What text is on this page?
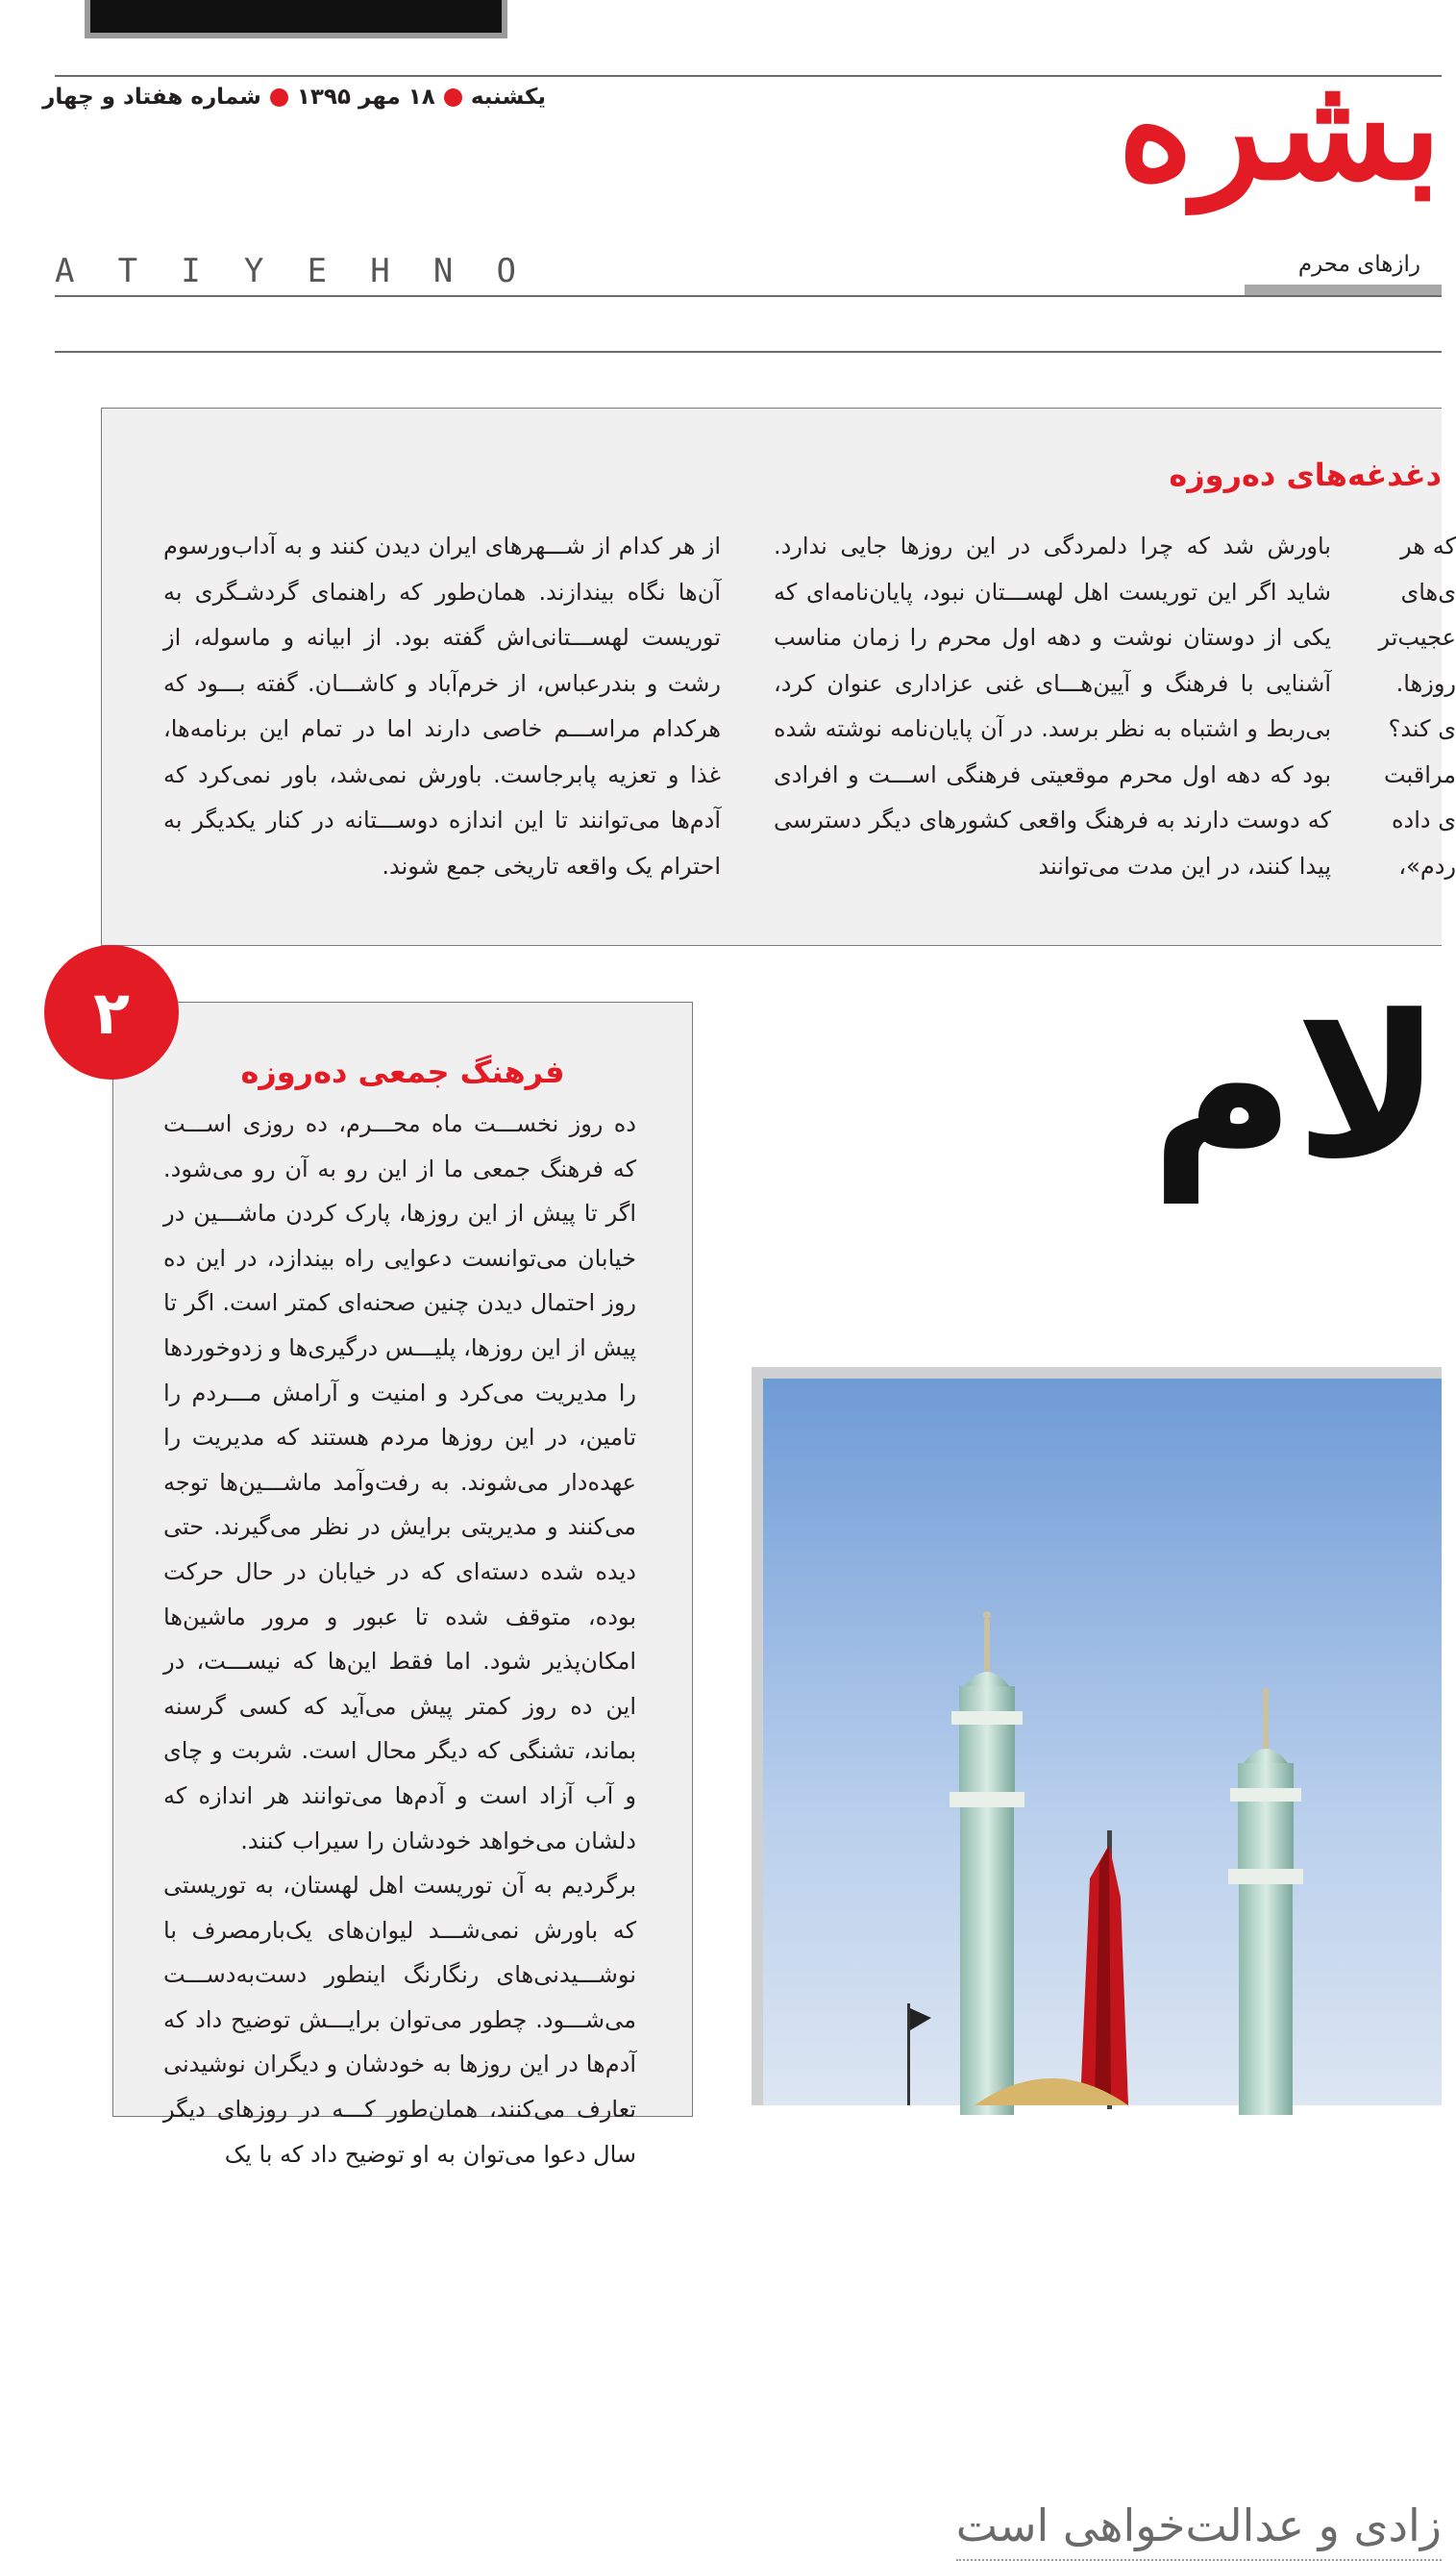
یکشنبه۱۸ مهر ۱۳۹۵شماره هفتاد و چهار	بشره
رازهای محرم
A T I Y E H N O
دغدغه‌های ده‌روزه
از هر کدام از شـــهرهای ایران دیدن کنند و به آداب‌ورسوم آن‌ها نگاه بیندازند. همان‌طور که راهنمای گردشـگری به توریست لهســـتانی‌اش گفته بود. از ابیانه و ماسوله، از رشت و بندرعباس، از خرم‌آباد و کاشـــان. گفته بـــود که هرکدام مراســـم خاصی دارند اما در تمام این برنامه‌ها، غذا و تعزیه پابرجاست. باورش نمی‌شد، باور نمی‌کرد که آدم‌ها می‌توانند تا این اندازه دوســـتانه در کنار یکدیگر به احترام یک واقعه تاریخی جمع شوند.
باورش شد که چرا دلمردگی در این روزها جایی ندارد. شاید اگر این توریست اهل لهســـتان نبود، پایان‌نامه‌ای که یکی از دوستان نوشت و دهه اول محرم را زمان مناسب آشنایی با فرهنگ و آیین‌هـــای غنی عزاداری عنوان کرد، بی‌ربط و اشتباه به نظر برسد. در آن پایان‌نامه نوشته شده بود که دهه اول محرم موقعیتی فرهنگی اســـت و افرادی که دوست دارند به فرهنگ واقعی کشورهای دیگر دسترسی پیدا کنند، در این مدت می‌توانند
که هر
ی‌های
عجیب‌تر
روزها.
ی کند؟
مراقبت
ی داده
ردم»،
۲
فرهنگ جمعی ده‌روزه
ده روز نخســـت ماه محـــرم، ده روزی اســـت که فرهنگ جمعی ما از این رو به آن رو می‌شود. اگر تا پیش از این روزها، پارک کردن ماشـــین در خیابان می‌توانست دعوایی راه بیندازد، در این ده روز احتمال دیدن چنین صحنه‌ای کمتر است. اگر تا پیش از این روزها، پلیـــس درگیری‌ها و زدوخوردها را مدیریت می‌کرد و امنیت و آرامش مـــردم را تامین، در این روزها مردم هستند که مدیریت را عهده‌دار می‌شوند. به رفت‌وآمد ماشـــین‌ها توجه می‌کنند و مدیریتی برایش در نظر می‌گیرند. حتی دیده شده دسته‌ای که در خیابان در حال حرکت بوده، متوقف شده تا عبور و مرور ماشین‌ها امکان‌پذیر شود. اما فقط این‌ها که نیســـت، در این ده روز کمتر پیش می‌آید که کسی گرسنه بماند، تشنگی که دیگر محال است. شربت و چای و آب آزاد است و آدم‌ها می‌توانند هر اندازه که دلشان می‌خواهد خودشان را سیراب کنند.
برگردیم به آن توریست اهل لهستان، به توریستی که باورش نمی‌شـــد لیوان‌های یک‌بارمصرف با نوشـــیدنی‌های رنگارنگ اینطور دست‌به‌دســـت می‌شـــود. چطور می‌توان برایـــش توضیح داد که آدم‌ها در این روزها به خودشان و دیگران نوشیدنی تعارف می‌کنند، همان‌طور کـــه در روزهای دیگر سال دعوا می‌توان به او توضیح داد که با یک
لام
زادی و عدالت‌خواهی است
